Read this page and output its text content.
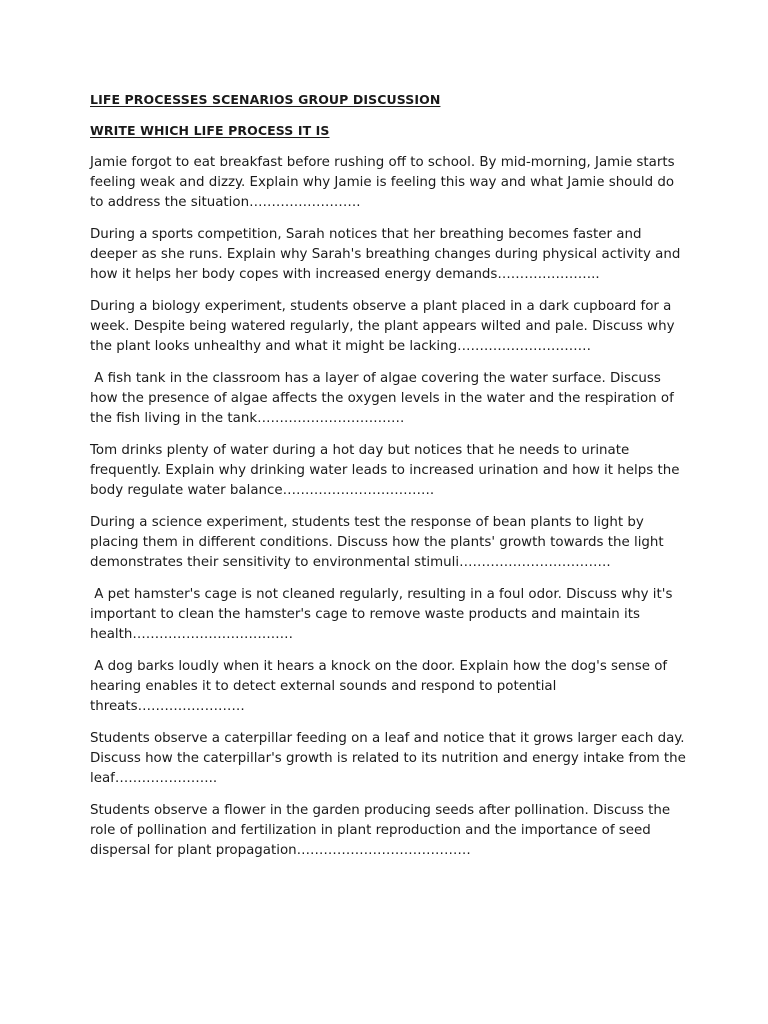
LIFE PROCESSES SCENARIOS GROUP DISCUSSION

WRITE WHICH LIFE PROCESS IT IS

Jamie forgot to eat breakfast before rushing off to school. By mid-morning, Jamie starts feeling weak and dizzy. Explain why Jamie is feeling this way and what Jamie should do to address the situation…………………….

During a sports competition, Sarah notices that her breathing becomes faster and deeper as she runs. Explain why Sarah's breathing changes during physical activity and how it helps her body copes with increased energy demands…………………..

During a biology experiment, students observe a plant placed in a dark cupboard for a week. Despite being watered regularly, the plant appears wilted and pale. Discuss why the plant looks unhealthy and what it might be lacking…………………………

A fish tank in the classroom has a layer of algae covering the water surface. Discuss how the presence of algae affects the oxygen levels in the water and the respiration of the fish living in the tank……………………………

Tom drinks plenty of water during a hot day but notices that he needs to urinate frequently. Explain why drinking water leads to increased urination and how it helps the body regulate water balance…………………………….

During a science experiment, students test the response of bean plants to light by placing them in different conditions. Discuss how the plants' growth towards the light demonstrates their sensitivity to environmental stimuli…………………………….

A pet hamster's cage is not cleaned regularly, resulting in a foul odor. Discuss why it's important to clean the hamster's cage to remove waste products and maintain its health………………………………

A dog barks loudly when it hears a knock on the door. Explain how the dog's sense of hearing enables it to detect external sounds and respond to potential threats……………………

Students observe a caterpillar feeding on a leaf and notice that it grows larger each day. Discuss how the caterpillar's growth is related to its nutrition and energy intake from the leaf…………………..

Students observe a flower in the garden producing seeds after pollination. Discuss the role of pollination and fertilization in plant reproduction and the importance of seed dispersal for plant propagation…………………………………
